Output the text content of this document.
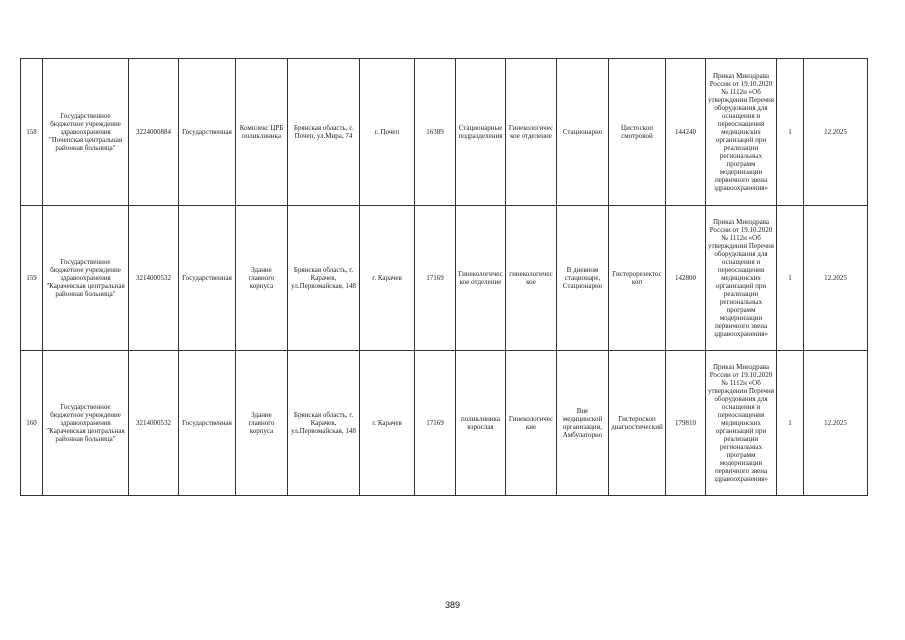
158	Государственное бюджетное учреждение здравоохранения "Почепская центральная районная больница"	3224000884	Государственная	Комплекс ЦРБ поликлиника	Брянская область, г. Почеп, ул.Мира, 74	г. Почеп	16389	Стационарные подразделения	Гинекологическое отделение	Стационарно	Цистоскоп смотровой	144240	Приказ Минздрава России от 19.10.2020 № 1112н «Об утверждении Перечня оборудования для оснащения и переоснащения медицинских организаций при реализации региональных программ модернизации первичного звена здравоохранения»	1	12.2025
159	Государственное бюджетное учреждение здравоохранения "Карачевская центральная районная больница"	3214000532	Государственная	Здание главного корпуса	Брянская область, г. Карачев, ул.Первомайская, 148	г. Карачев	17169	Гинекологическое отделение	гинекологическое	В дневном стационаре, Стационарно	Гистерорезектоскоп	142800	Приказ Минздрава России от 19.10.2020 № 1112н «Об утверждении Перечня оборудования для оснащения и переоснащения медицинских организаций при реализации региональных программ модернизации первичного звена здравоохранения»	1	12.2025
160	Государственное бюджетное учреждение здравоохранения "Карачевская центральная районная больница"	3214000532	Государственная	Здание главного корпуса	Брянская область, г. Карачев, ул.Первомайская, 148	г. Карачев	17169	поликлиника взрослая	Гинекологические	Вне медицинской организации, Амбулаторно	Гистероскоп диагностический	179810	Приказ Минздрава России от 19.10.2020 № 1112н «Об утверждении Перечня оборудования для оснащения и переоснащения медицинских организаций при реализации региональных программ модернизации первичного звена здравоохранения»	1	12.2025
389
